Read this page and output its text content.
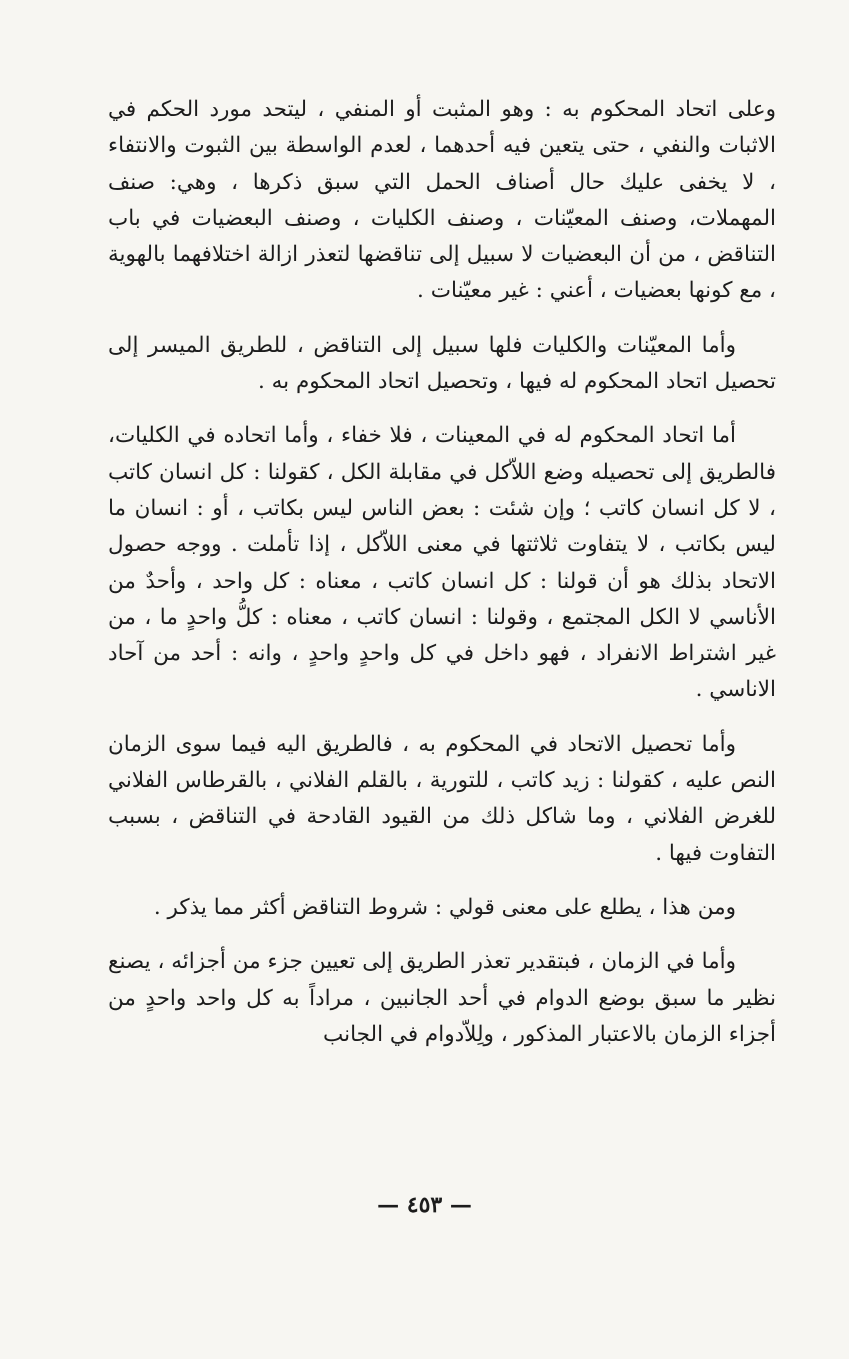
وعلى اتحاد المحكوم به : وهو المثبت أو المنفي ، ليتحد مورد الحكم في الاثبات والنفي ، حتى يتعين فيه أحدهما ، لعدم الواسطة بين الثبوت والانتفاء ، لا يخفى عليك حال أصناف الحمل التي سبق ذكرها ، وهي: صنف المهملات، وصنف المعيّنات ، وصنف الكليات ، وصنف البعضيات في باب التناقض ، من أن البعضيات لا سبيل إلى تناقضها لتعذر ازالة اختلافهما بالهوية ، مع كونها بعضيات ، أعني : غير معيّنات .

وأما المعيّنات والكليات فلها سبيل إلى التناقض ، للطريق الميسر إلى تحصيل اتحاد المحكوم له فيها ، وتحصيل اتحاد المحكوم به .

أما اتحاد المحكوم له في المعينات ، فلا خفاء ، وأما اتحاده في الكليات، فالطريق إلى تحصيله وضع اللاّكل في مقابلة الكل ، كقولنا : كل انسان كاتب ، لا كل انسان كاتب ؛ وإن شئت : بعض الناس ليس بكاتب ، أو : انسان ما ليس بكاتب ، لا يتفاوت ثلاثتها في معنى اللاّكل ، إذا تأملت . ووجه حصول الاتحاد بذلك هو أن قولنا : كل انسان كاتب ، معناه : كل واحد ، وأحدٌ من الأناسي لا الكل المجتمع ، وقولنا : انسان كاتب ، معناه : كلُّ واحدٍ ما ، من غير اشتراط الانفراد ، فهو داخل في كل واحدٍ واحدٍ ، وانه : أحد من آحاد الاناسي .

وأما تحصيل الاتحاد في المحكوم به ، فالطريق اليه فيما سوى الزمان النص عليه ، كقولنا : زيد كاتب ، للتورية ، بالقلم الفلاني ، بالقرطاس الفلاني للغرض الفلاني ، وما شاكل ذلك من القيود القادحة في التناقض ، بسبب التفاوت فيها .

ومن هذا ، يطلع على معنى قولي : شروط التناقض أكثر مما يذكر .

وأما في الزمان ، فبتقدير تعذر الطريق إلى تعيين جزء من أجزائه ، يصنع نظير ما سبق بوضع الدوام في أحد الجانبين ، مراداً به كل واحد واحدٍ من أجزاء الزمان بالاعتبار المذكور ، ولِلاّدوام في الجانب

— ٤٥٣ —
